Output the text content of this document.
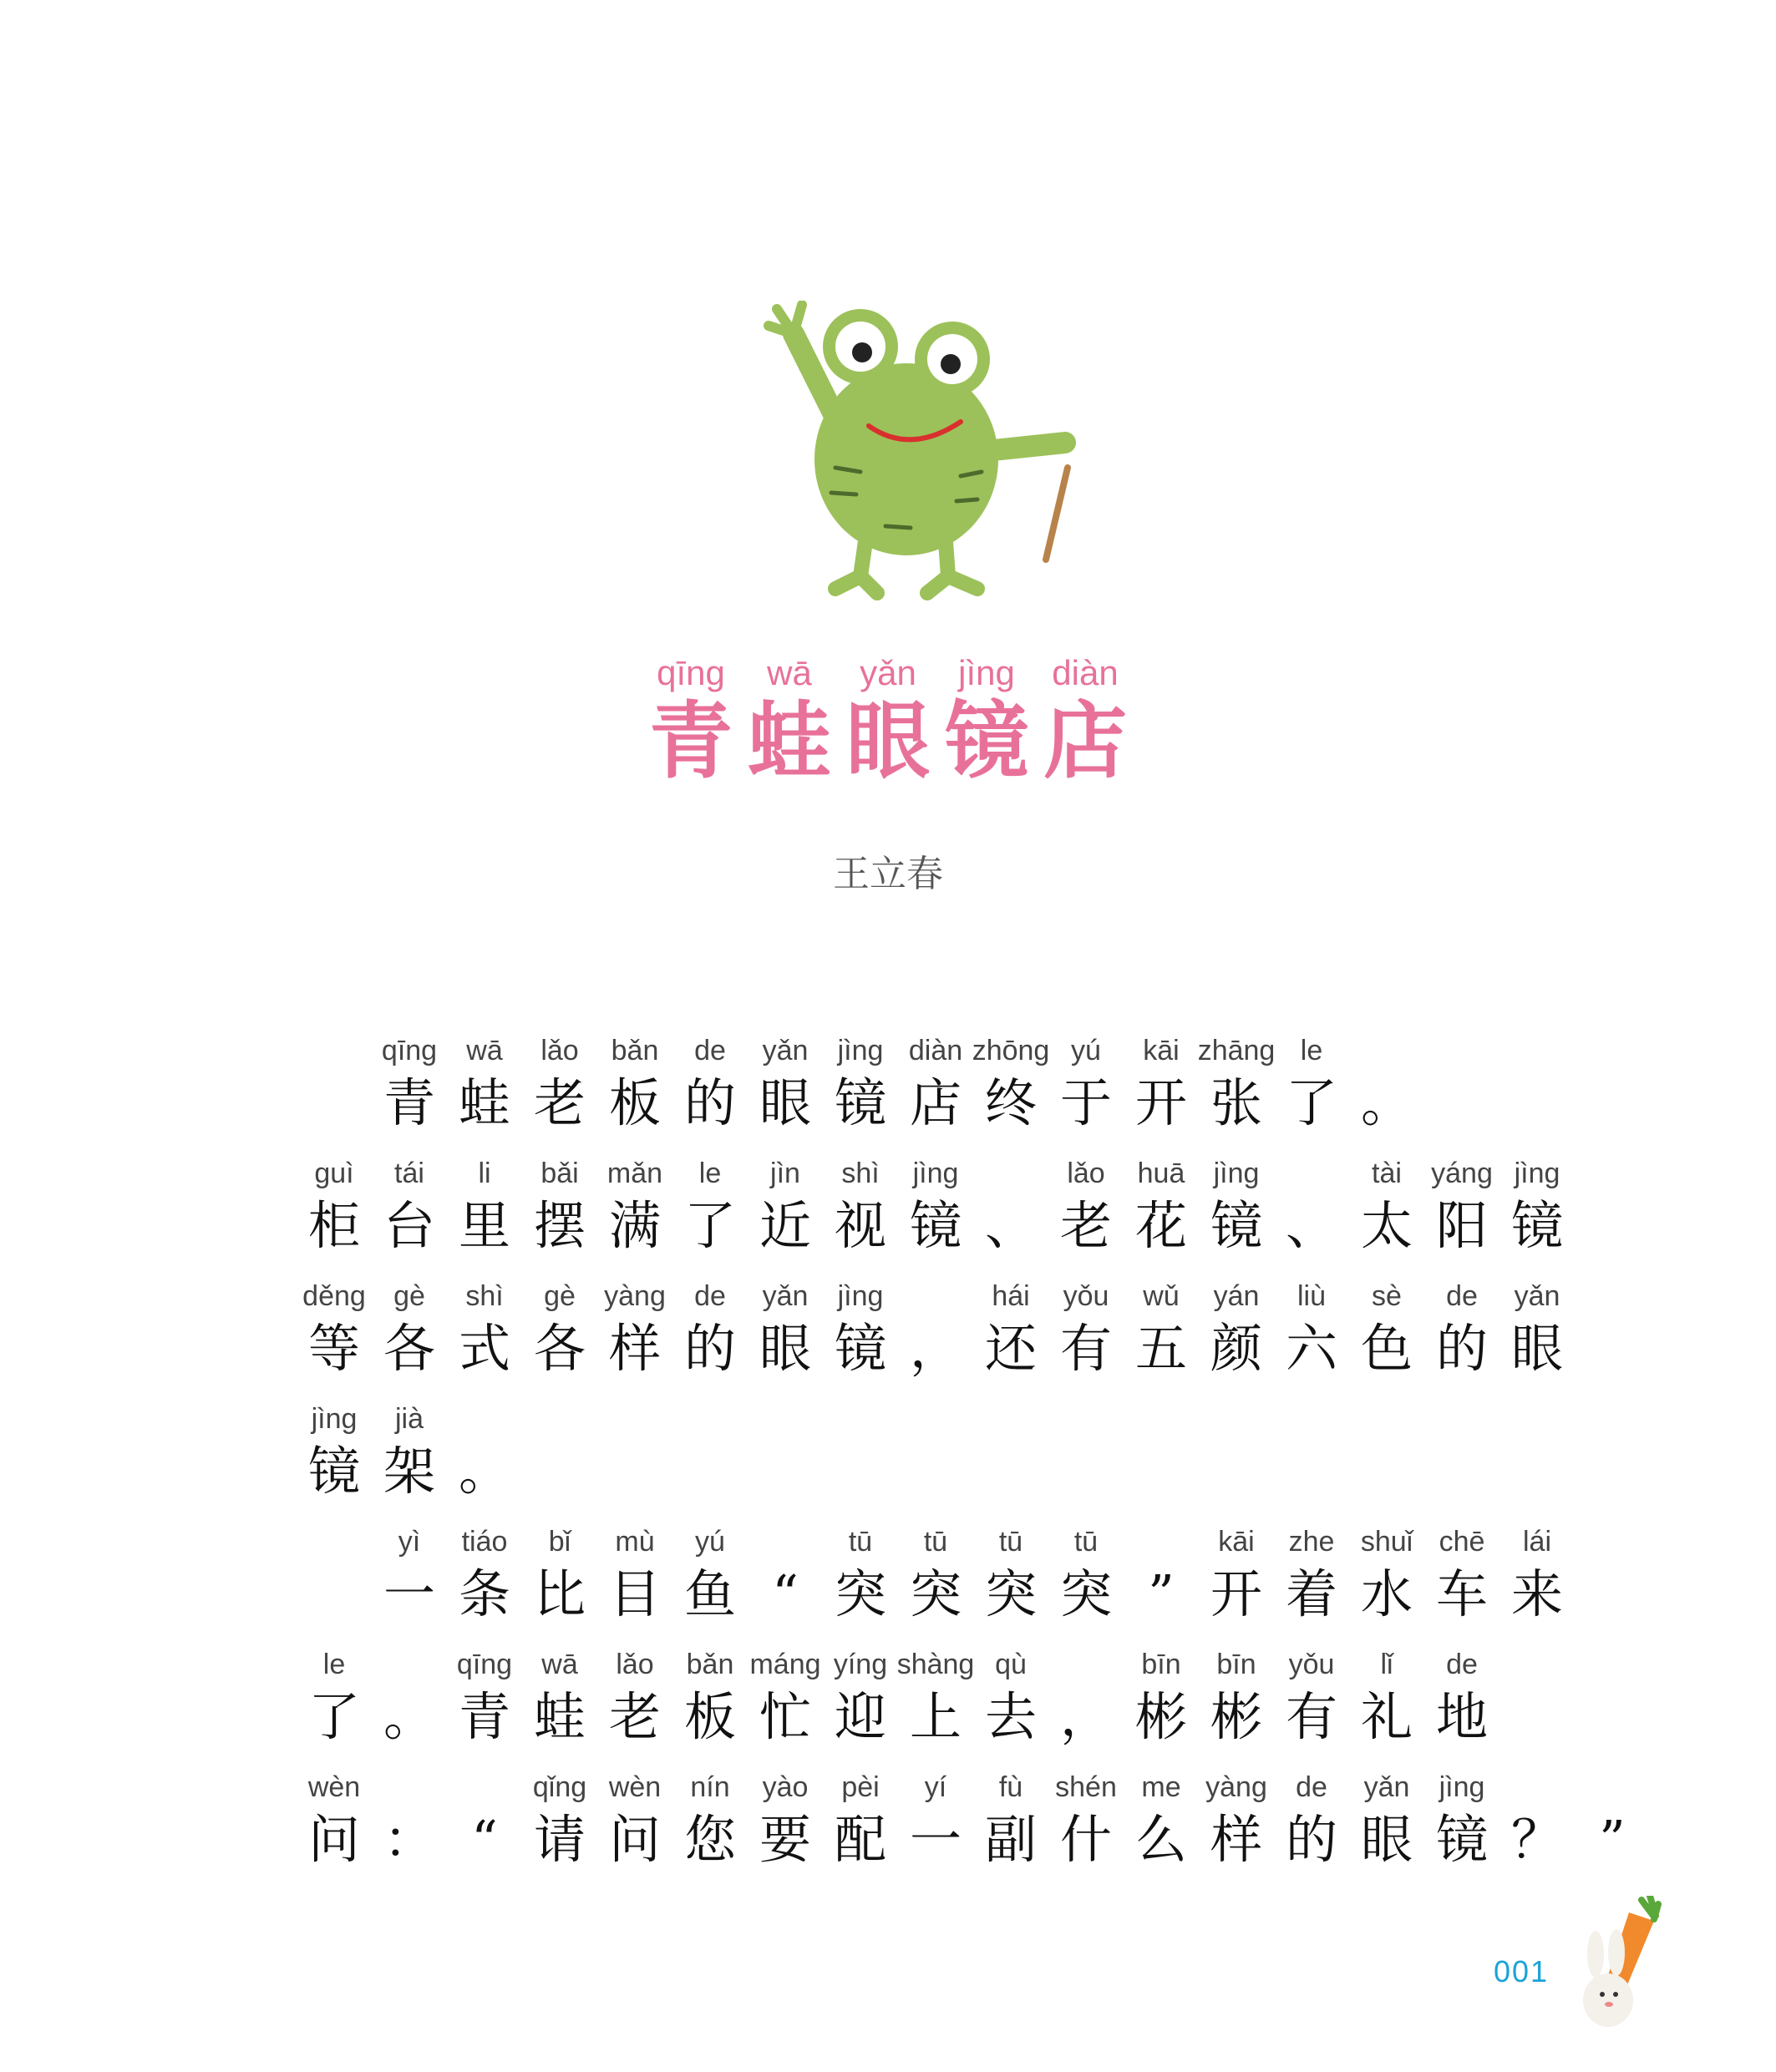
qīng
青
wā
蛙
yǎn
眼
jìng
镜
diàn
店
王立春
qīng
青
wā
蛙
lǎo
老
bǎn
板
de
的
yǎn
眼
jìng
镜
diàn
店
zhōng
终
yú
于
kāi
开
zhāng
张
le
了 。
guì
柜
tái
台
li
里
bǎi
摆
mǎn
满
le
了
jìn
近
shì
视
jìng
镜 、
lǎo
老
huā
花
jìng
镜 、
tài
太
yáng
阳
jìng
镜
děng
等
gè
各
shì
式
gè
各
yàng
样
de
的
yǎn
眼
jìng
镜 ，
hái
还
yǒu
有
wǔ
五
yán
颜
liù
六
sè
色
de
的
yǎn
眼
jìng
镜
jià
架 。
yì
一
tiáo
条
bǐ
比
mù
目
yú
鱼 “
tū
突
tū
突
tū
突
tū
突 ”
kāi
开
zhe
着
shuǐ
水
chē
车
lái
来
le
了 。
qīng
青
wā
蛙
lǎo
老
bǎn
板
máng
忙
yíng
迎
shàng
上
qù
去 ，
bīn
彬
bīn
彬
yǒu
有
lǐ
礼
de
地
wèn
问 ： “
qǐng
请
wèn
问
nín
您
yào
要
pèi
配
yí
一
fù
副
shén
什
me
么
yàng
样
de
的
yǎn
眼
jìng
镜 ？ ”
001
